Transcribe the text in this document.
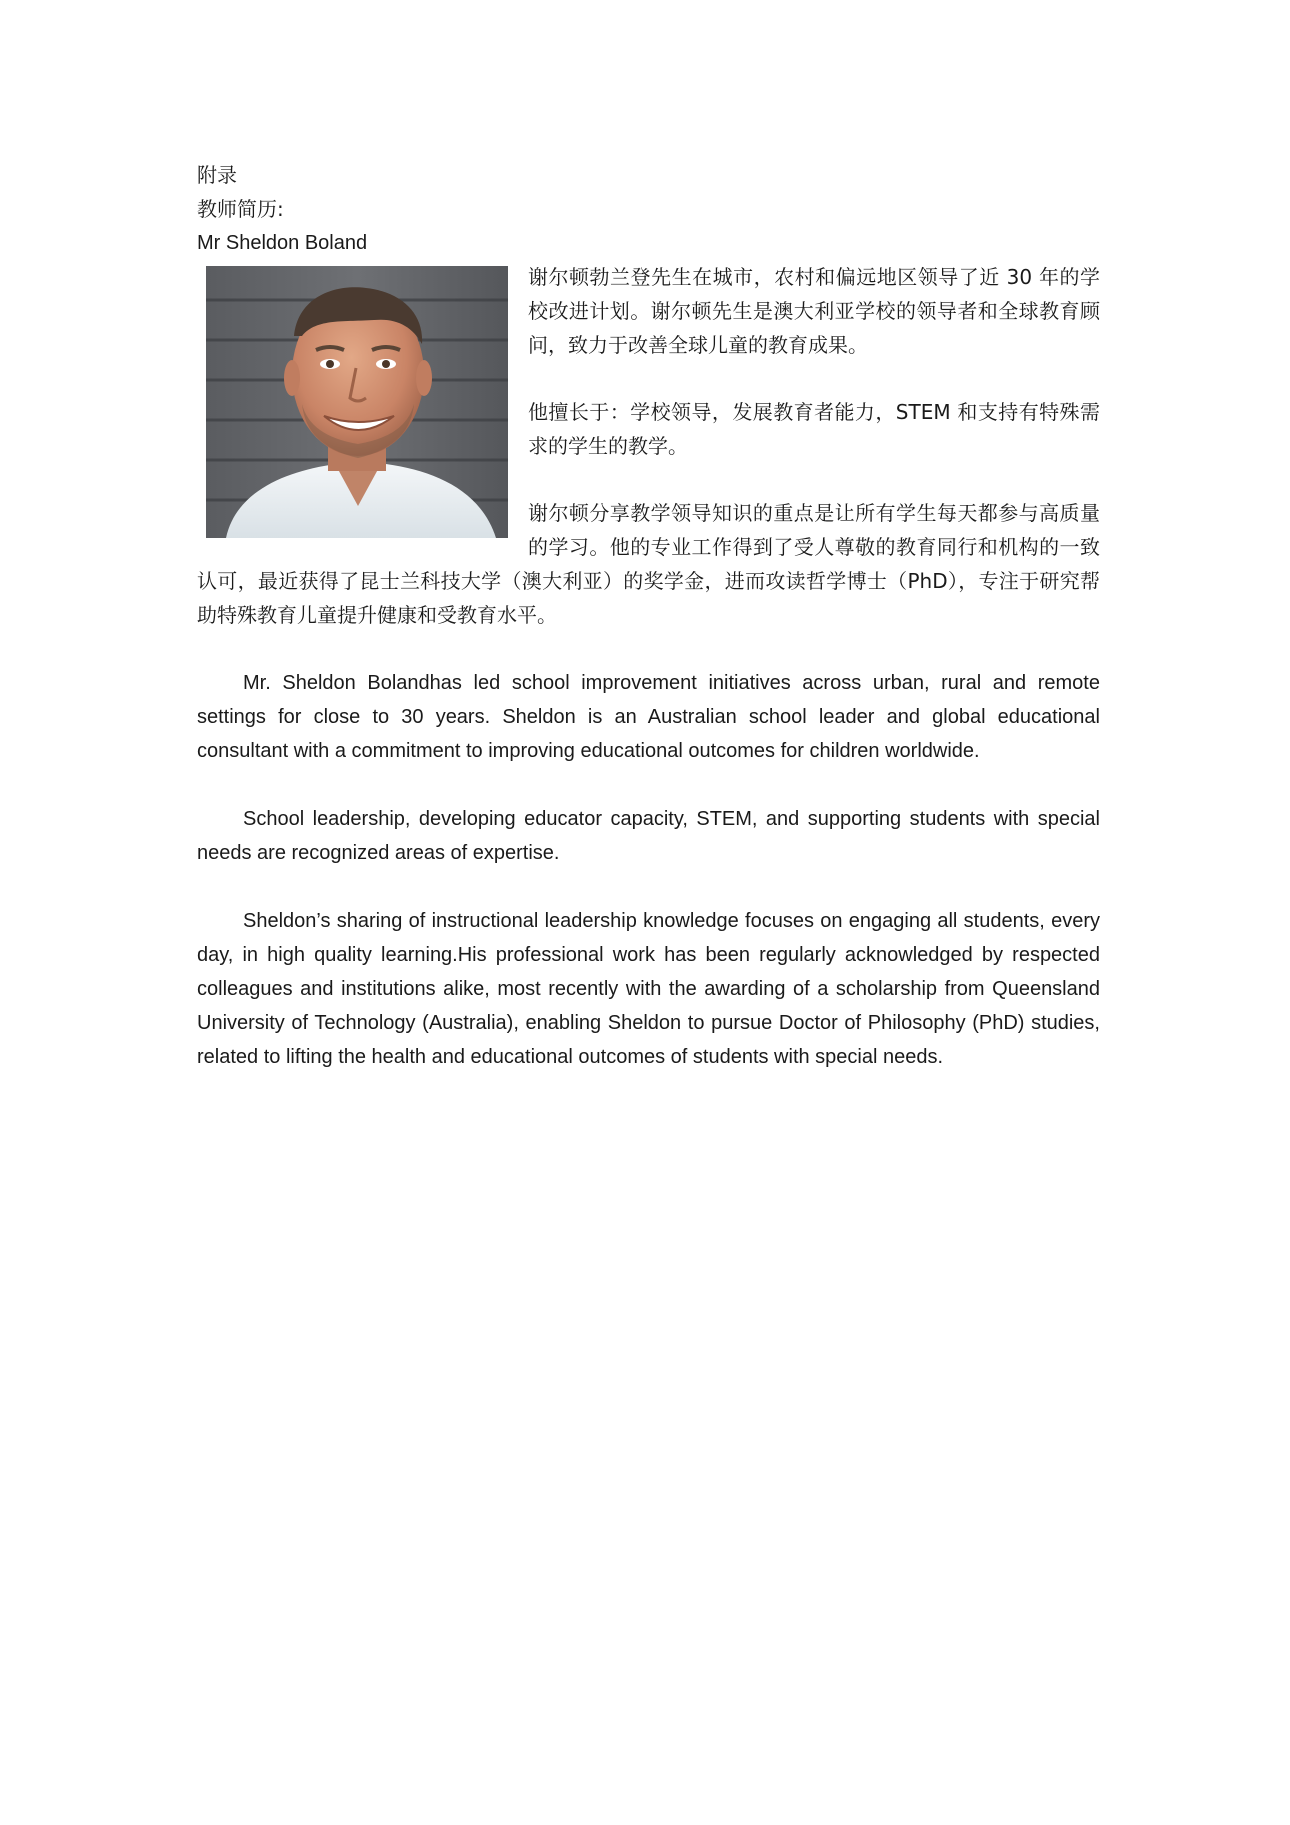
附录
教师简历:
Mr Sheldon Boland

谢尔顿勃兰登先生在城市，农村和偏远地区领导了近 30 年的学校改进计划。谢尔顿先生是澳大利亚学校的领导者和全球教育顾问，致力于改善全球儿童的教育成果。

他擅长于：学校领导，发展教育者能力，STEM 和支持有特殊需求的学生的教学。

谢尔顿分享教学领导知识的重点是让所有学生每天都参与高质量的学习。他的专业工作得到了受人尊敬的教育同行和机构的一致认可，最近获得了昆士兰科技大学（澳大利亚）的奖学金，进而攻读哲学博士（PhD），专注于研究帮助特殊教育儿童提升健康和受教育水平。

Mr. Sheldon Bolandhas led school improvement initiatives across urban, rural and remote settings for close to 30 years. Sheldon is an Australian school leader and global educational consultant with a commitment to improving educational outcomes for children worldwide.

School leadership, developing educator capacity, STEM, and supporting students with special needs are recognized areas of expertise.

Sheldon’s sharing of instructional leadership knowledge focuses on engaging all students, every day, in high quality learning.His professional work has been regularly acknowledged by respected colleagues and institutions alike, most recently with the awarding of a scholarship from Queensland University of Technology (Australia), enabling Sheldon to pursue Doctor of Philosophy (PhD) studies, related to lifting the health and educational outcomes of students with special needs.
